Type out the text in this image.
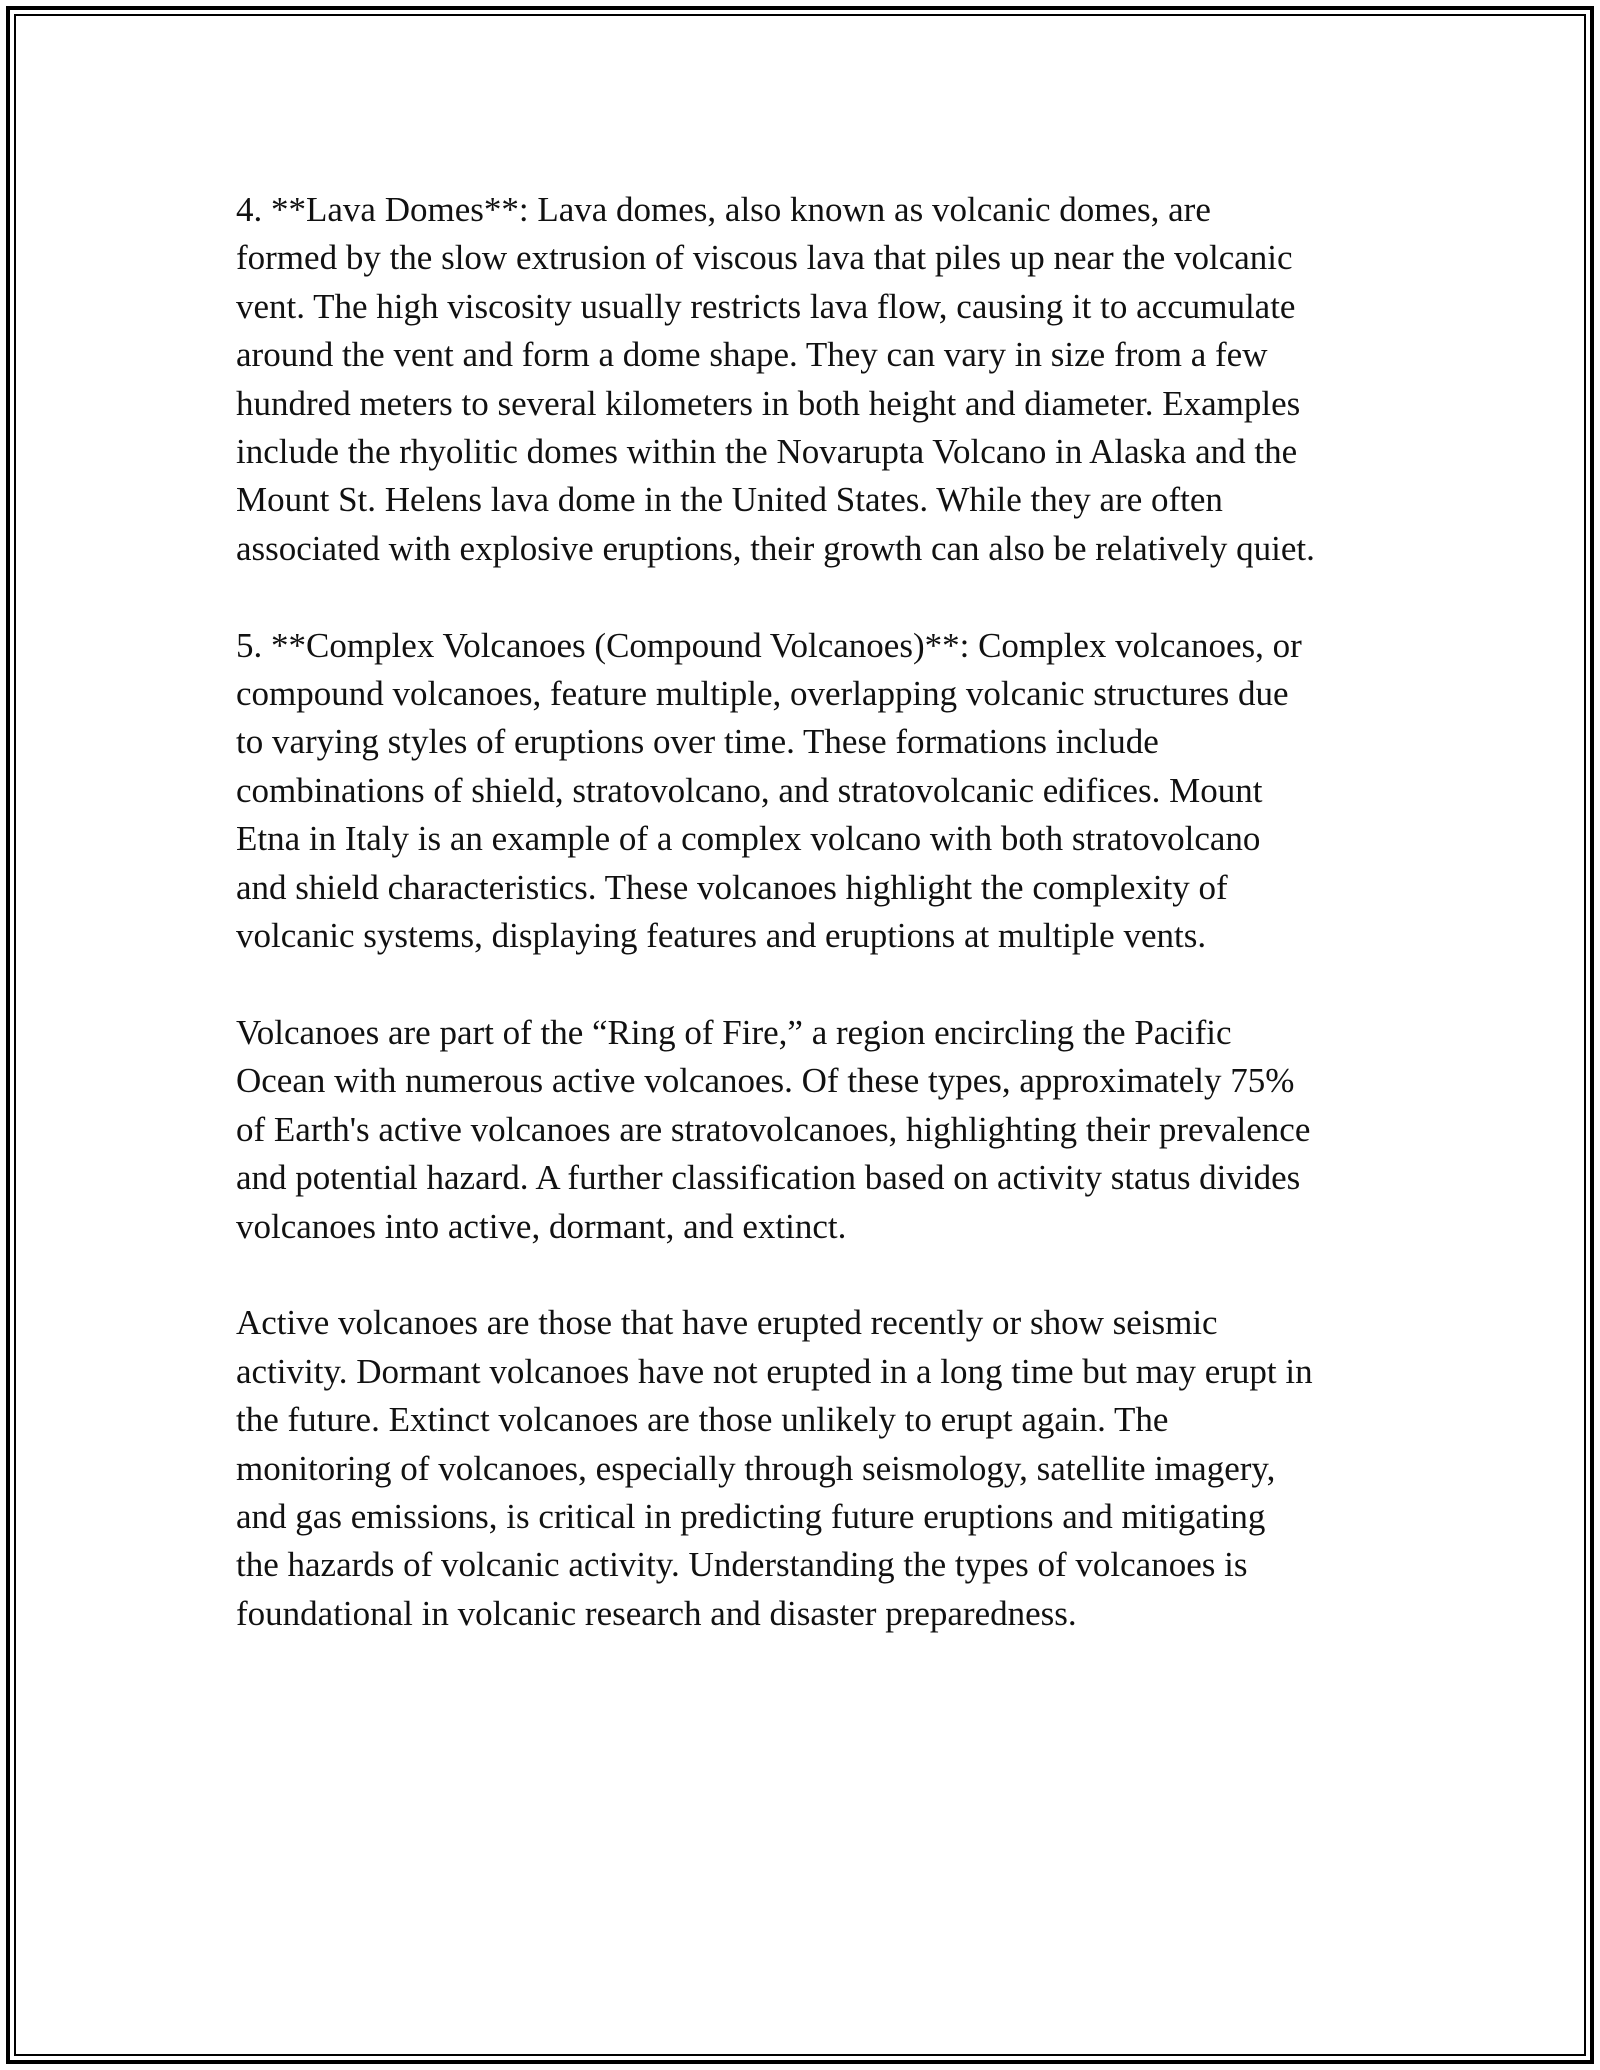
4. **Lava Domes**: Lava domes, also known as volcanic domes, are
formed by the slow extrusion of viscous lava that piles up near the volcanic
vent. The high viscosity usually restricts lava flow, causing it to accumulate
around the vent and form a dome shape. They can vary in size from a few
hundred meters to several kilometers in both height and diameter. Examples
include the rhyolitic domes within the Novarupta Volcano in Alaska and the
Mount St. Helens lava dome in the United States. While they are often
associated with explosive eruptions, their growth can also be relatively quiet.

5. **Complex Volcanoes (Compound Volcanoes)**: Complex volcanoes, or
compound volcanoes, feature multiple, overlapping volcanic structures due
to varying styles of eruptions over time. These formations include
combinations of shield, stratovolcano, and stratovolcanic edifices. Mount
Etna in Italy is an example of a complex volcano with both stratovolcano
and shield characteristics. These volcanoes highlight the complexity of
volcanic systems, displaying features and eruptions at multiple vents.

Volcanoes are part of the “Ring of Fire,” a region encircling the Pacific
Ocean with numerous active volcanoes. Of these types, approximately 75%
of Earth's active volcanoes are stratovolcanoes, highlighting their prevalence
and potential hazard. A further classification based on activity status divides
volcanoes into active, dormant, and extinct.

Active volcanoes are those that have erupted recently or show seismic
activity. Dormant volcanoes have not erupted in a long time but may erupt in
the future. Extinct volcanoes are those unlikely to erupt again. The
monitoring of volcanoes, especially through seismology, satellite imagery,
and gas emissions, is critical in predicting future eruptions and mitigating
the hazards of volcanic activity. Understanding the types of volcanoes is
foundational in volcanic research and disaster preparedness.
